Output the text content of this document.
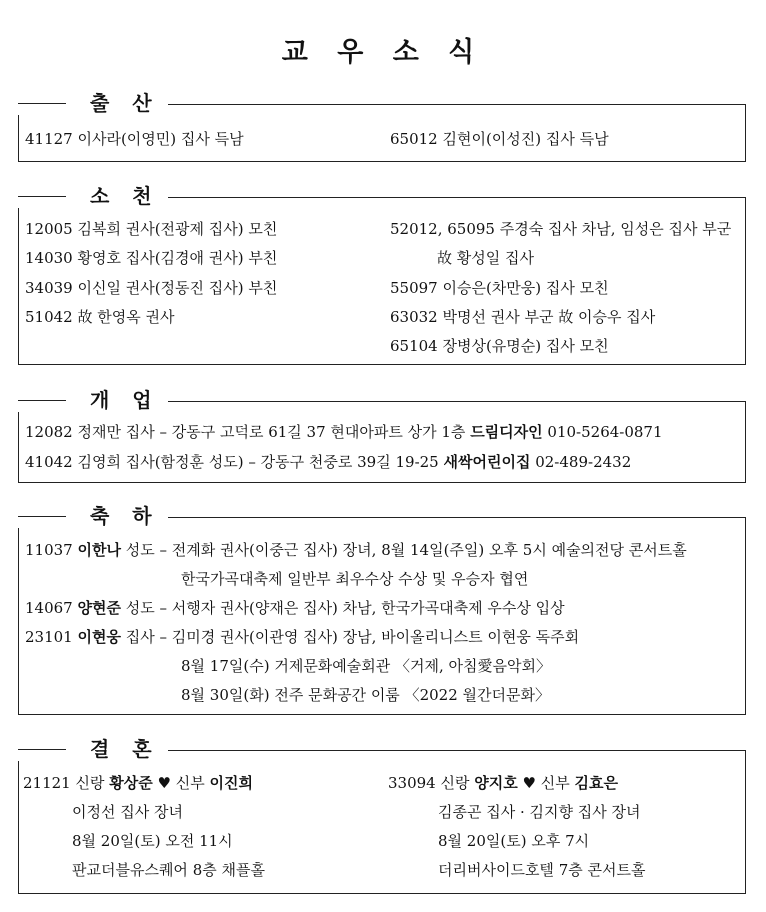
교 우 소 식
출 산
41127 이사라(이영민) 집사 득남	65012 김현이(이성진) 집사 득남
소 천
12005 김복희 권사(전광제 집사) 모친
14030 황영호 집사(김경애 권사) 부친
34039 이신일 권사(정동진 집사) 부친
51042 故 한영옥 권사
52012, 65095 주경숙 집사 차남, 임성은 집사 부군
故 황성일 집사
55097 이승은(차만웅) 집사 모친
63032 박명선 권사 부군 故 이승우 집사
65104 장병상(유명순) 집사 모친
개 업
12082 정재만 집사 – 강동구 고덕로 61길 37 현대아파트 상가 1층 드림디자인 010-5264-0871
41042 김영희 집사(함정훈 성도) – 강동구 천중로 39길 19-25 새싹어린이집 02-489-2432
축 하
11037 이한나 성도 – 전계화 권사(이중근 집사) 장녀, 8월 14일(주일) 오후 5시 예술의전당 콘서트홀
한국가곡대축제 일반부 최우수상 수상 및 우승자 협연
14067 양현준 성도 – 서행자 권사(양재은 집사) 차남, 한국가곡대축제 우수상 입상
23101 이현웅 집사 – 김미경 권사(이관영 집사) 장남, 바이올리니스트 이현웅 독주회
8월 17일(수) 거제문화예술회관 〈거제, 아침愛음악회〉
8월 30일(화) 전주 문화공간 이룸 〈2022 월간더문화〉
결 혼
21121 신랑 황상준 ♥ 신부 이진희
이정선 집사 장녀
8월 20일(토) 오전 11시
판교더블유스퀘어 8층 채플홀
33094 신랑 양지호 ♥ 신부 김효은
김종곤 집사 · 김지향 집사 장녀
8월 20일(토) 오후 7시
더리버사이드호텔 7층 콘서트홀
